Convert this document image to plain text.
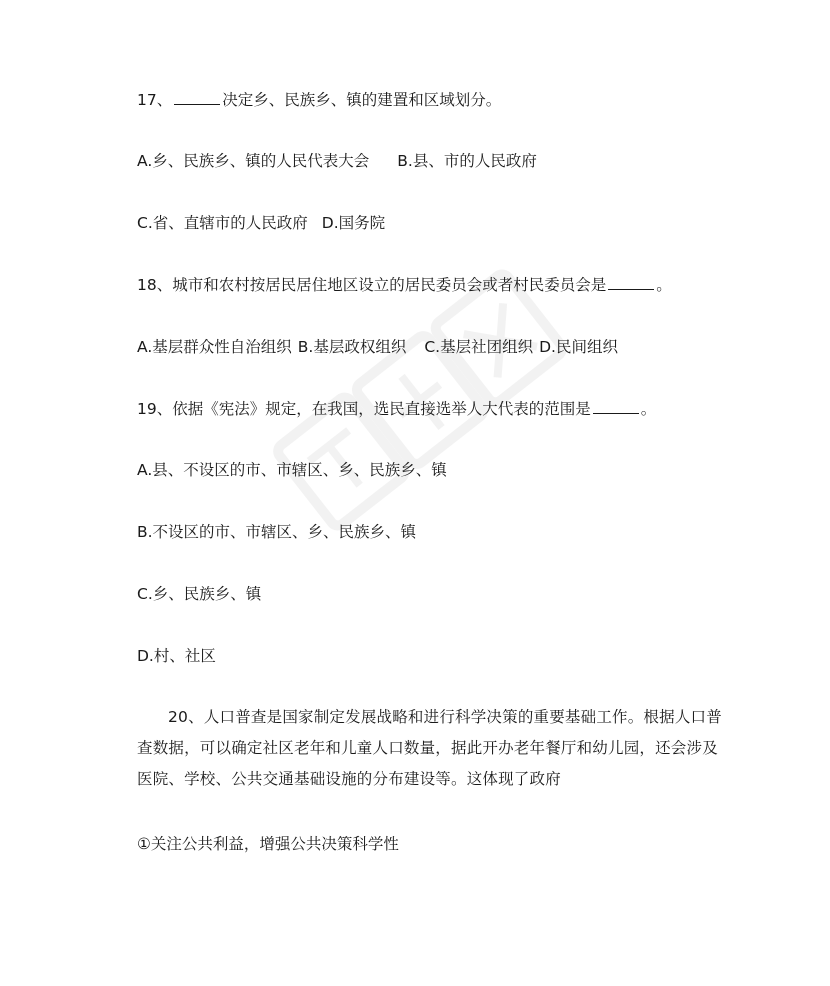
17、	决定乡、民族乡、镇的建置和区域划分。
A.乡、民族乡、镇的人民代表大会 B.县、市的人民政府
C.省、直辖市的人民政府 D.国务院
18、城市和农村按居民居住地区设立的居民委员会或者村民委员会是	。
A.基层群众性自治组织 B.基层政权组织 C.基层社团组织 D.民间组织
19、依据《宪法》规定，在我国，选民直接选举人大代表的范围是	。
A.县、不设区的市、市辖区、乡、民族乡、镇
B.不设区的市、市辖区、乡、民族乡、镇
C.乡、民族乡、镇
D.村、社区
20、人口普查是国家制定发展战略和进行科学决策的重要基础工作。根据人口普查数据，可以确定社区老年和儿童人口数量，据此开办老年餐厅和幼儿园，还会涉及医院、学校、公共交通基础设施的分布建设等。这体现了政府
①关注公共利益，增强公共决策科学性
